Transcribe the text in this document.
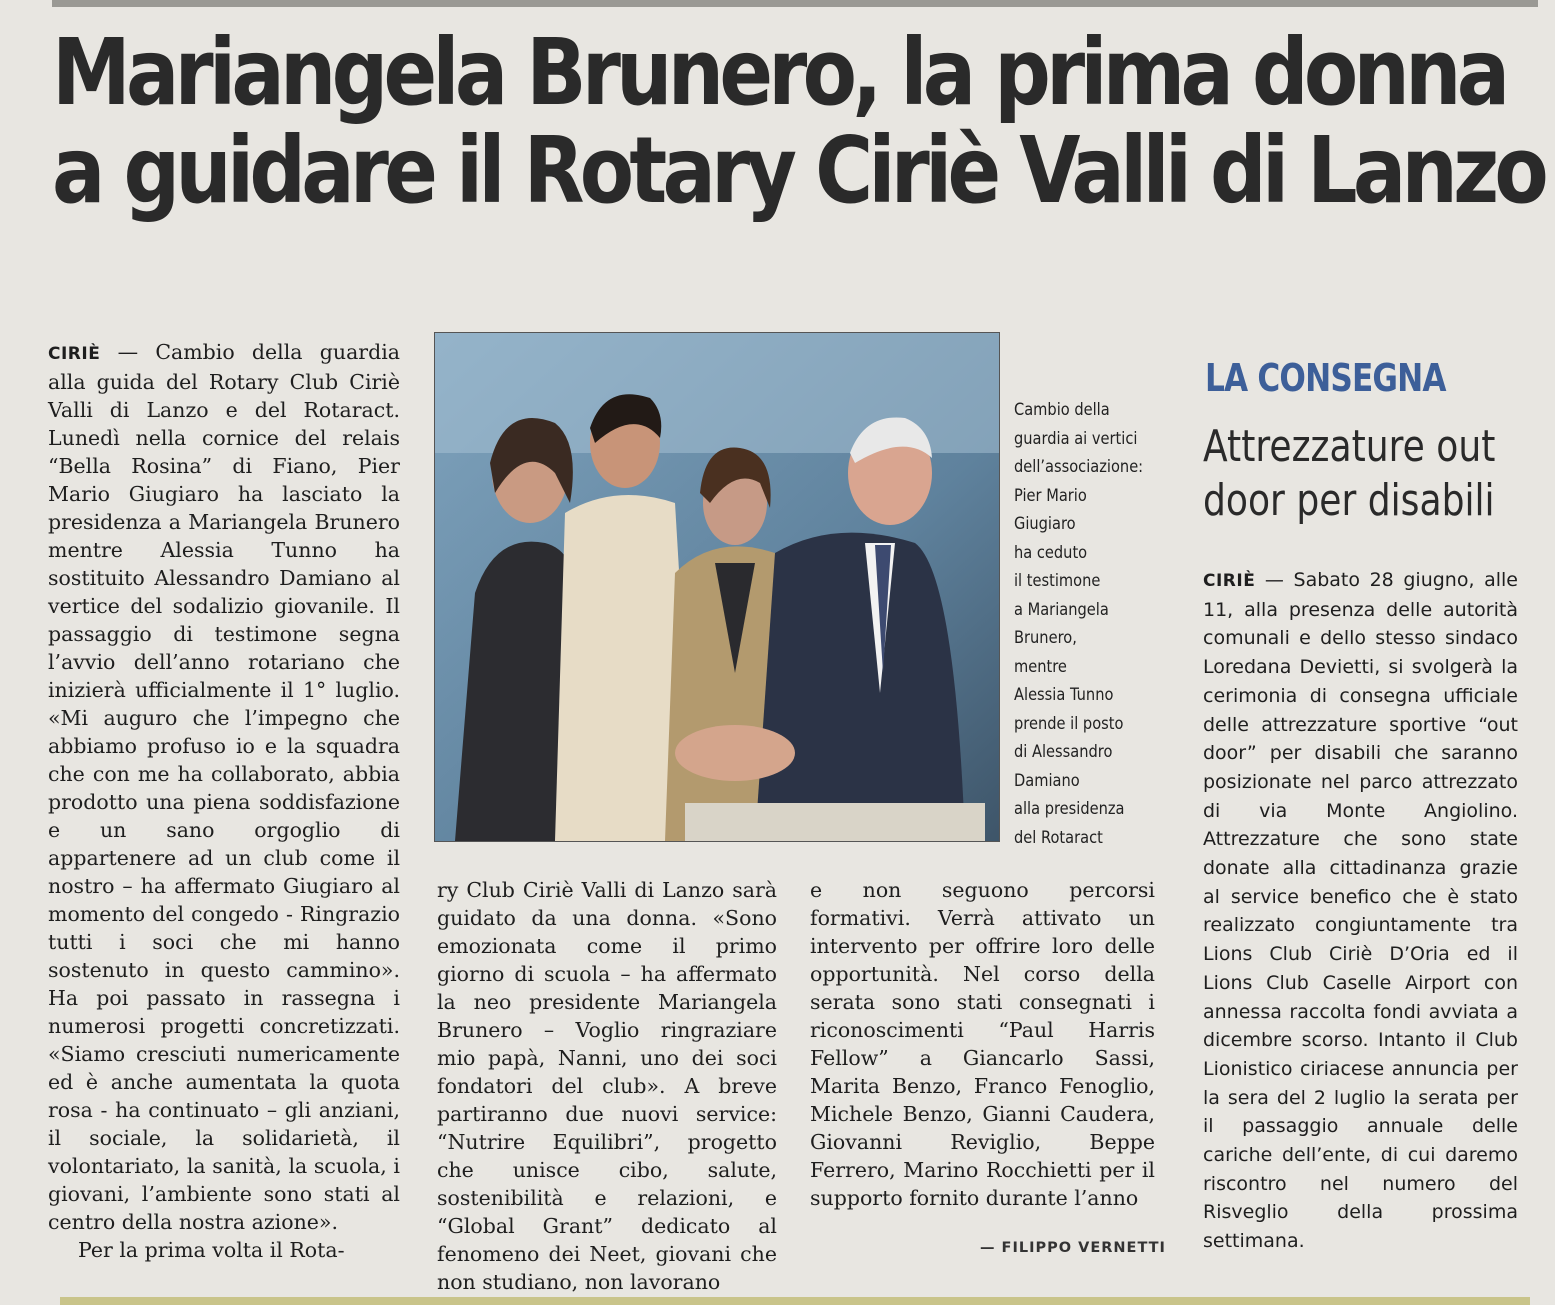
Mariangela Brunero, la prima donna
a guidare il Rotary Ciriè Valli di Lanzo

CIRIÈ — Cambio della guardia alla guida del Rotary Club Ciriè Valli di Lanzo e del Rotaract. Lunedì nella cornice del relais “Bella Rosina” di Fiano, Pier Mario Giugiaro ha lasciato la presidenza a Mariangela Brunero mentre Alessia Tunno ha sostituito Alessandro Damiano al vertice del sodalizio giovanile. Il passaggio di testimone segna l’avvio dell’anno rotariano che inizierà ufficialmente il 1° luglio. «Mi auguro che l’impegno che abbiamo profuso io e la squadra che con me ha collaborato, abbia prodotto una piena soddisfazione e un sano orgoglio di appartenere ad un club come il nostro – ha affermato Giugiaro al momento del congedo - Ringrazio tutti i soci che mi hanno sostenuto in questo cammino». Ha poi passato in rassegna i numerosi progetti concretizzati. «Siamo cresciuti numericamente ed è anche aumentata la quota rosa - ha continuato – gli anziani, il sociale, la solidarietà, il volontariato, la sanità, la scuola, i giovani, l’ambiente sono stati al centro della nostra azione».

Per la prima volta il Rota-

Cambio della
guardia ai vertici
dell’associazione:
Pier Mario
Giugiaro
ha ceduto
il testimone
a Mariangela
Brunero,
mentre
Alessia Tunno
prende il posto
di Alessandro
Damiano
alla presidenza
del Rotaract

ry Club Ciriè Valli di Lanzo sarà guidato da una donna. «Sono emozionata come il primo giorno di scuola – ha affermato la neo presidente Mariangela Brunero – Voglio ringraziare mio papà, Nanni, uno dei soci fondatori del club». A breve partiranno due nuovi service: “Nutrire Equilibri”, progetto che unisce cibo, salute, sostenibilità e relazioni, e “Global Grant” dedicato al fenomeno dei Neet, giovani che non studiano, non lavorano

e non seguono percorsi formativi. Verrà attivato un intervento per offrire loro delle opportunità. Nel corso della serata sono stati consegnati i riconoscimenti “Paul Harris Fellow” a Giancarlo Sassi, Marita Benzo, Franco Fenoglio, Michele Benzo, Gianni Caudera, Giovanni Reviglio, Beppe Ferrero, Marino Rocchietti per il supporto fornito durante l’anno

— FILIPPO VERNETTI
LA CONSEGNA
Attrezzature out
door per disabili

CIRIÈ — Sabato 28 giugno, alle 11, alla presenza delle autorità comunali e dello stesso sindaco Loredana Devietti, si svolgerà la cerimonia di consegna ufficiale delle attrezzature sportive “out door” per disabili che saranno posizionate nel parco attrezzato di via Monte Angiolino. Attrezzature che sono state donate alla cittadinanza grazie al service benefico che è stato realizzato congiuntamente tra Lions Club Ciriè D’Oria ed il Lions Club Caselle Airport con annessa raccolta fondi avviata a dicembre scorso. Intanto il Club Lionistico ciriacese annuncia per la sera del 2 luglio la serata per il passaggio annuale delle cariche dell’ente, di cui daremo riscontro nel numero del Risveglio della prossima settimana.
